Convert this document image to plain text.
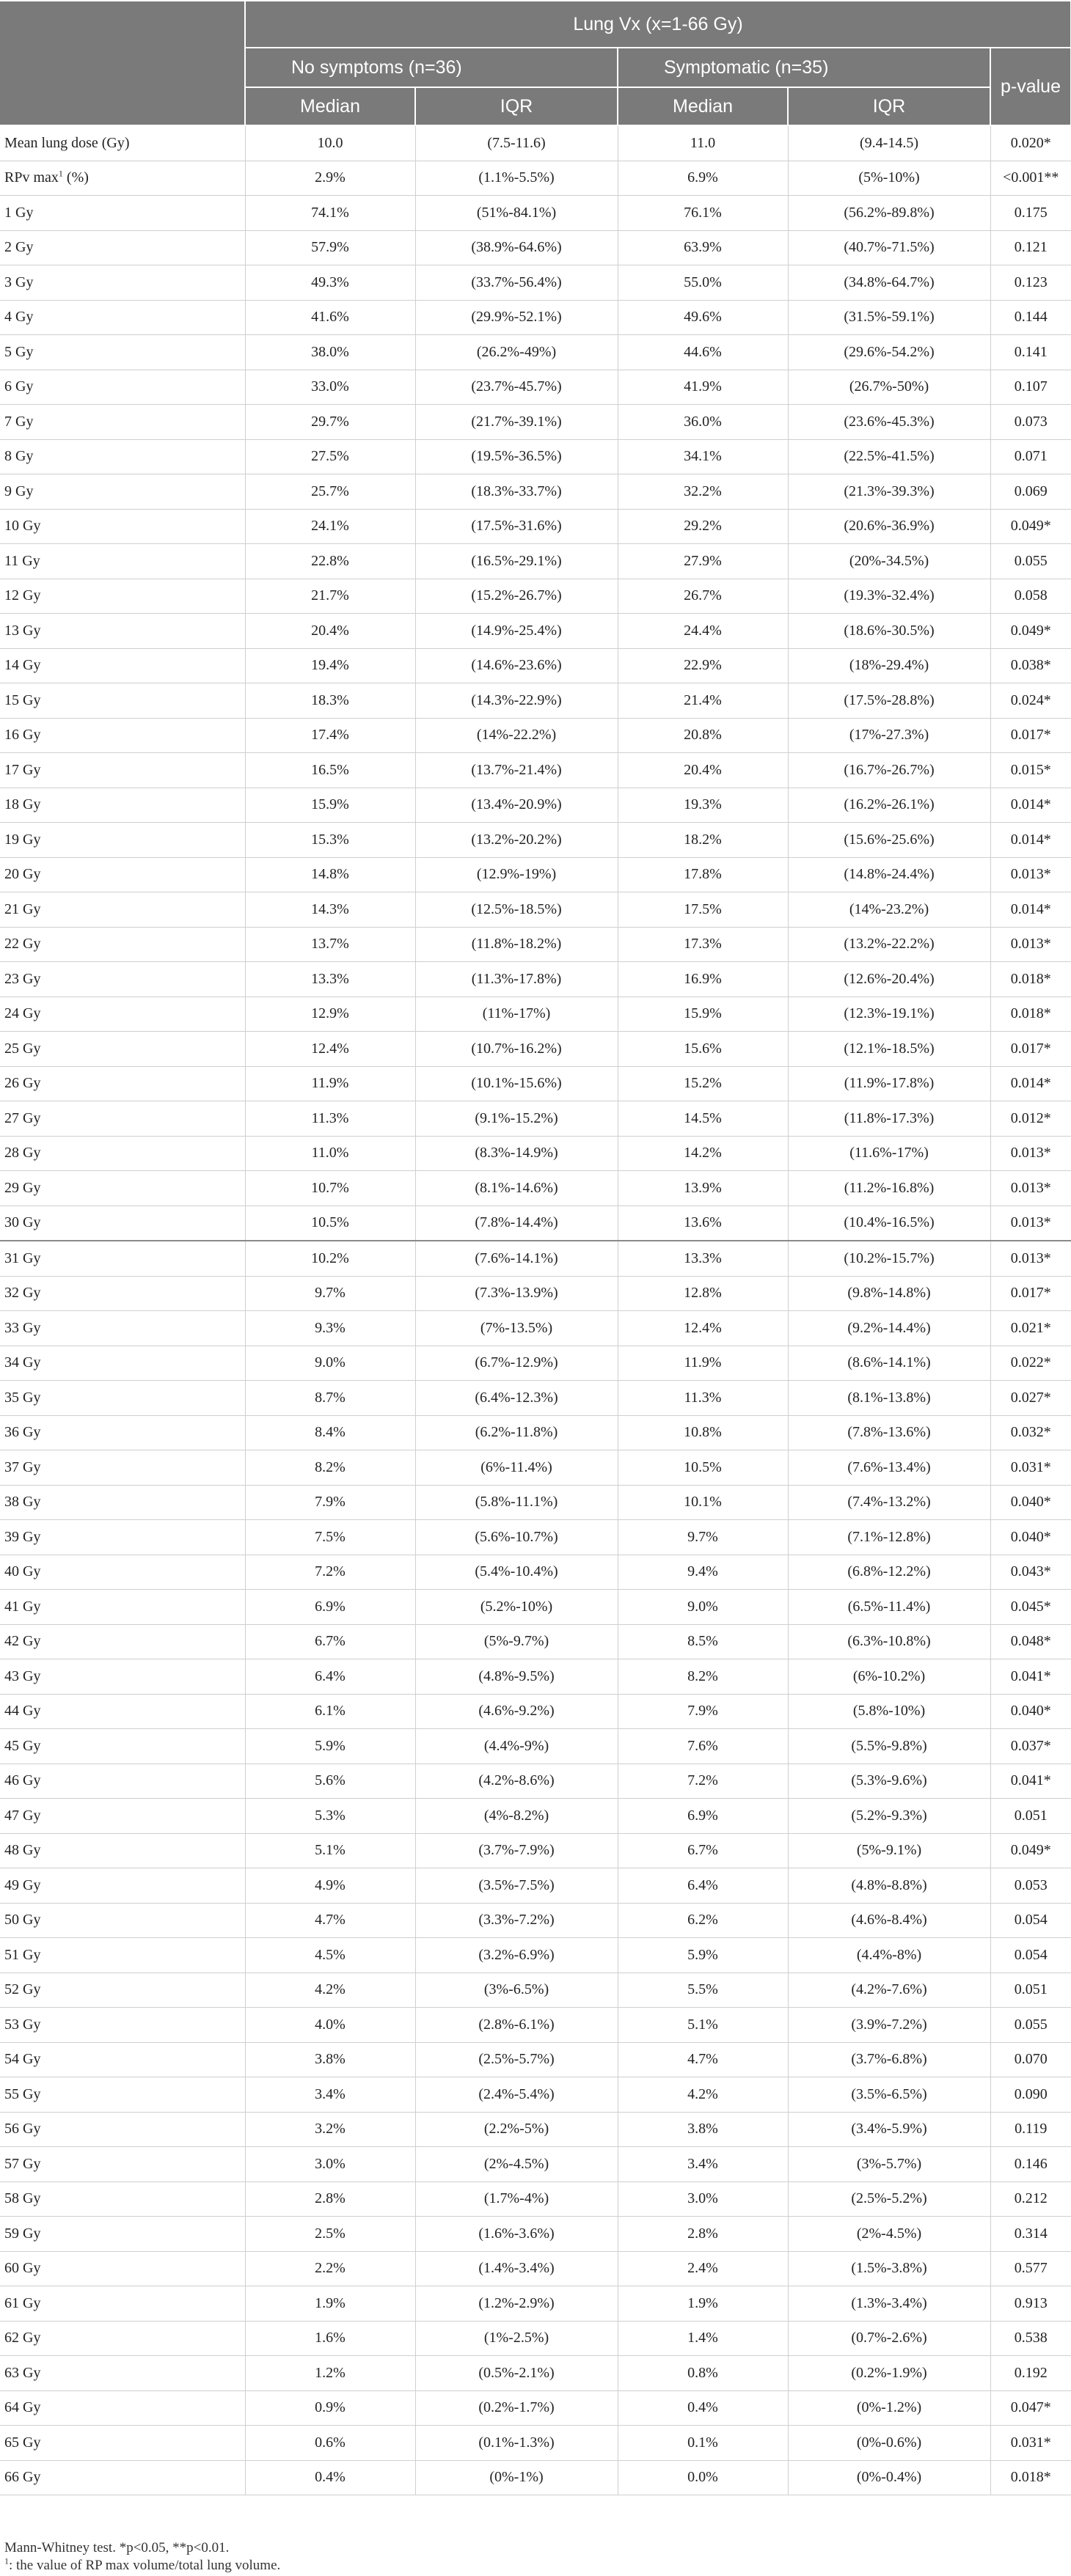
	Lung Vx (x=1-66 Gy)				
	No symptoms (n=36)		Symptomatic (n=35)		p-value
	Median	IQR	Median	IQR	
Mean lung dose (Gy)	10.0	(7.5-11.6)	11.0	(9.4-14.5)	0.020*
RPv $\max^1$ (%)	2.9%	(1.1%-5.5%)	6.9%	(5%-10%)	<0.001**
1 Gy	74.1%	(51%-84.1%)	76.1%	(56.2%-89.8%)	0.175
2 Gy	57.9%	(38.9%-64.6%)	63.9%	(40.7%-71.5%)	0.121
3 Gy	49.3%	(33.7%-56.4%)	55.0%	(34.8%-64.7%)	0.123
4 Gy	41.6%	(29.9%-52.1%)	49.6%	(31.5%-59.1%)	0.144
5 Gy	38.0%	(26.2%-49%)	44.6%	(29.6%-54.2%)	0.141
6 Gy	33.0%	(23.7%-45.7%)	41.9%	(26.7%-50%)	0.107
7 Gy	29.7%	(21.7%-39.1%)	36.0%	(23.6%-45.3%)	0.073
8 Gy	27.5%	(19.5%-36.5%)	34.1%	(22.5%-41.5%)	0.071
9 Gy	25.7%	(18.3%-33.7%)	32.2%	(21.3%-39.3%)	0.069
10 Gy	24.1%	(17.5%-31.6%)	29.2%	(20.6%-36.9%)	0.049*
11 Gy	22.8%	(16.5%-29.1%)	27.9%	(20%-34.5%)	0.055
12 Gy	21.7%	(15.2%-26.7%)	26.7%	(19.3%-32.4%)	0.058
13 Gy	20.4%	(14.9%-25.4%)	24.4%	(18.6%-30.5%)	0.049*
14 Gy	19.4%	(14.6%-23.6%)	22.9%	(18%-29.4%)	0.038*
15 Gy	18.3%	(14.3%-22.9%)	21.4%	(17.5%-28.8%)	0.024*
16 Gy	17.4%	(14%-22.2%)	20.8%	(17%-27.3%)	0.017*
17 Gy	16.5%	(13.7%-21.4%)	20.4%	(16.7%-26.7%)	0.015*
18 Gy	15.9%	(13.4%-20.9%)	19.3%	(16.2%-26.1%)	0.014*
19 Gy	15.3%	(13.2%-20.2%)	18.2%	(15.6%-25.6%)	0.014*
20 Gy	14.8%	(12.9%-19%)	17.8%	(14.8%-24.4%)	0.013*
21 Gy	14.3%	(12.5%-18.5%)	17.5%	(14%-23.2%)	0.014*
22 Gy	13.7%	(11.8%-18.2%)	17.3%	(13.2%-22.2%)	0.013*
23 Gy	13.3%	(11.3%-17.8%)	16.9%	(12.6%-20.4%)	0.018*
24 Gy	12.9%	(11%-17%)	15.9%	(12.3%-19.1%)	0.018*
25 Gy	12.4%	(10.7%-16.2%)	15.6%	(12.1%-18.5%)	0.017*
26 Gy	11.9%	(10.1%-15.6%)	15.2%	(11.9%-17.8%)	0.014*
27 Gy	11.3%	(9.1%-15.2%)	14.5%	(11.8%-17.3%)	0.012*
28 Gy	11.0%	(8.3%-14.9%)	14.2%	(11.6%-17%)	0.013*
29 Gy	10.7%	(8.1%-14.6%)	13.9%	(11.2%-16.8%)	0.013*
30 Gy	10.5%	(7.8%-14.4%)	13.6%	(10.4%-16.5%)	0.013*
31 Gy	10.2%	(7.6%-14.1%)	13.3%	(10.2%-15.7%)	0.013*
32 Gy	9.7%	(7.3%-13.9%)	12.8%	(9.8%-14.8%)	0.017*
33 Gy	9.3%	(7%-13.5%)	12.4%	(9.2%-14.4%)	0.021*
34 Gy	9.0%	(6.7%-12.9%)	11.9%	(8.6%-14.1%)	0.022*
35 Gy	8.7%	(6.4%-12.3%)	11.3%	(8.1%-13.8%)	0.027*
36 Gy	8.4%	(6.2%-11.8%)	10.8%	(7.8%-13.6%)	0.032*
37 Gy	8.2%	(6%-11.4%)	10.5%	(7.6%-13.4%)	0.031*
38 Gy	7.9%	(5.8%-11.1%)	10.1%	(7.4%-13.2%)	0.040*
39 Gy	7.5%	(5.6%-10.7%)	9.7%	(7.1%-12.8%)	0.040*
40 Gy	7.2%	(5.4%-10.4%)	9.4%	(6.8%-12.2%)	0.043*
41 Gy	6.9%	(5.2%-10%)	9.0%	(6.5%-11.4%)	0.045*
42 Gy	6.7%	(5%-9.7%)	8.5%	(6.3%-10.8%)	0.048*
43 Gy	6.4%	(4.8%-9.5%)	8.2%	(6%-10.2%)	0.041*
44 Gy	6.1%	(4.6%-9.2%)	7.9%	(5.8%-10%)	0.040*
45 Gy	5.9%	(4.4%-9%)	7.6%	(5.5%-9.8%)	0.037*
46 Gy	5.6%	(4.2%-8.6%)	7.2%	(5.3%-9.6%)	0.041*
47 Gy	5.3%	(4%-8.2%)	6.9%	(5.2%-9.3%)	0.051
48 Gy	5.1%	(3.7%-7.9%)	6.7%	(5%-9.1%)	0.049*
49 Gy	4.9%	(3.5%-7.5%)	6.4%	(4.8%-8.8%)	0.053
50 Gy	4.7%	(3.3%-7.2%)	6.2%	(4.6%-8.4%)	0.054
51 Gy	4.5%	(3.2%-6.9%)	5.9%	(4.4%-8%)	0.054
52 Gy	4.2%	(3%-6.5%)	5.5%	(4.2%-7.6%)	0.051
53 Gy	4.0%	(2.8%-6.1%)	5.1%	(3.9%-7.2%)	0.055
54 Gy	3.8%	(2.5%-5.7%)	4.7%	(3.7%-6.8%)	0.070
55 Gy	3.4%	(2.4%-5.4%)	4.2%	(3.5%-6.5%)	0.090
56 Gy	3.2%	(2.2%-5%)	3.8%	(3.4%-5.9%)	0.119
57 Gy	3.0%	(2%-4.5%)	3.4%	(3%-5.7%)	0.146
58 Gy	2.8%	(1.7%-4%)	3.0%	(2.5%-5.2%)	0.212
59 Gy	2.5%	(1.6%-3.6%)	2.8%	(2%-4.5%)	0.314
60 Gy	2.2%	(1.4%-3.4%)	2.4%	(1.5%-3.8%)	0.577
61 Gy	1.9%	(1.2%-2.9%)	1.9%	(1.3%-3.4%)	0.913
62 Gy	1.6%	(1%-2.5%)	1.4%	(0.7%-2.6%)	0.538
63 Gy	1.2%	(0.5%-2.1%)	0.8%	(0.2%-1.9%)	0.192
64 Gy	0.9%	(0.2%-1.7%)	0.4%	(0%-1.2%)	0.047*
65 Gy	0.6%	(0.1%-1.3%)	0.1%	(0%-0.6%)	0.031*
66 Gy	0.4%	(0%-1%)	0.0%	(0%-0.4%)	0.018*
Mann-Whitney test. *p<0.05, **p<0.01.
$^1$: the value of RP max volume/total lung volume.
